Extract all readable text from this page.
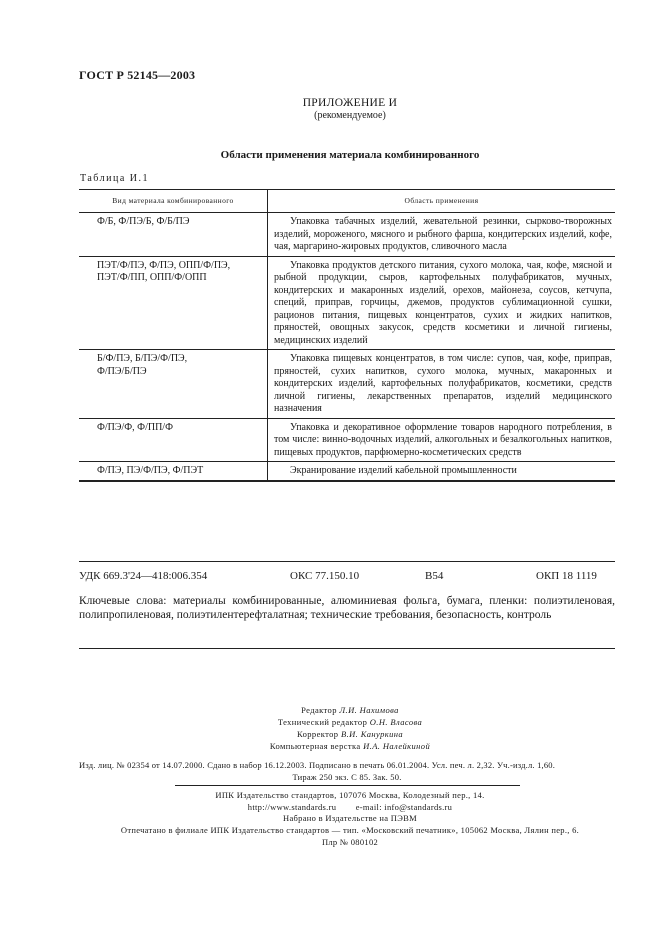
ГОСТ Р 52145—2003
ПРИЛОЖЕНИЕ И
(рекомендуемое)
Области применения материала комбинированного
Таблица И.1
Вид материала комбинированного	Область применения

Ф/Б, Ф/ПЭ/Б, Ф/Б/ПЭ	Упаковка табачных изделий, жевательной резинки, сырково-творожных изделий, мороженого, мясного и рыбного фарша, кондитерских изделий, кофе, чая, маргарино-жировых продуктов, сливочного масла

ПЭТ/Ф/ПЭ, Ф/ПЭ, ОПП/Ф/ПЭ,
ПЭТ/Ф/ПП, ОПП/Ф/ОПП	Упаковка продуктов детского питания, сухого молока, чая, кофе, мясной и рыбной продукции, сыров, картофельных полуфабрикатов, мучных, кондитерских и макаронных изделий, орехов, майонеза, соусов, кетчупа, специй, приправ, горчицы, джемов, продуктов сублимационной сушки, рационов питания, пищевых концентратов, сухих и жидких напитков, пряностей, овощных закусок, средств косметики и личной гигиены, медицинских изделий

Б/Ф/ПЭ, Б/ПЭ/Ф/ПЭ,
Ф/ПЭ/Б/ПЭ	Упаковка пищевых концентратов, в том числе: супов, чая, кофе, приправ, пряностей, сухих напитков, сухого молока, мучных, макаронных и кондитерских изделий, картофельных полуфабрикатов, косметики, средств личной гигиены, лекарственных препаратов, изделий медицинского назначения

Ф/ПЭ/Ф, Ф/ПП/Ф	Упаковка и декоративное оформление товаров народного потребления, в том числе: винно-водочных изделий, алкогольных и безалкогольных напитков, пищевых продуктов, парфюмерно-косметических средств

Ф/ПЭ, ПЭ/Ф/ПЭ, Ф/ПЭТ	Экранирование изделий кабельной промышленности
УДК 669.3'24—418:006.354	ОКС 77.150.10	В54	ОКП 18 1119
Ключевые слова: материалы комбинированные, алюминиевая фольга, бумага, пленки: полиэтиленовая, полипропиленовая, полиэтилентерефталатная; технические требования, безопасность, контроль
Редактор Л.И. Нахимова
Технический редактор О.Н. Власова
Корректор В.И. Кануркина
Компьютерная верстка И.А. Налейкиной
Изд. лиц. № 02354 от 14.07.2000. Сдано в набор 16.12.2003. Подписано в печать 06.01.2004. Усл. печ. л. 2,32. Уч.-изд.л. 1,60.
Тираж 250 экз. С 85. Зак. 50.
ИПК Издательство стандартов, 107076 Москва, Колодезный пер., 14.
http://www.standards.ru e-mail: info@standards.ru
Набрано в Издательстве на ПЭВМ
Отпечатано в филиале ИПК Издательство стандартов — тип. «Московский печатник», 105062 Москва, Лялин пер., 6.
Плр № 080102
